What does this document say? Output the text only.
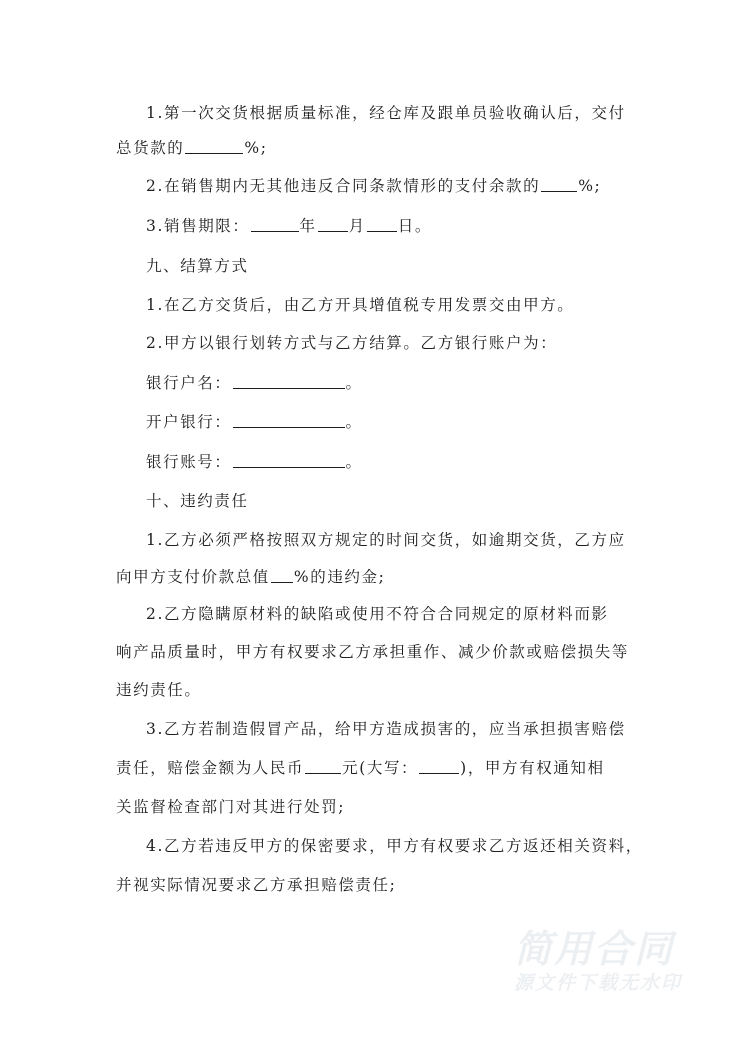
1.第一次交货根据质量标准，经仓库及跟单员验收确认后，交付
总货款的	%;
2.在销售期内无其他违反合同条款情形的支付余款的 %;
3.销售期限：	年 月 日。
九、结算方式
1.在乙方交货后，由乙方开具增值税专用发票交由甲方。
2.甲方以银行划转方式与乙方结算。乙方银行账户为：
银行户名：	。
开户银行：	。
银行账号：	。
十、违约责任
1.乙方必须严格按照双方规定的时间交货，如逾期交货，乙方应
向甲方支付价款总值 %的违约金;
2.乙方隐瞒原材料的缺陷或使用不符合合同规定的原材料而影
响产品质量时，甲方有权要求乙方承担重作、减少价款或赔偿损失等
违约责任。
3.乙方若制造假冒产品，给甲方造成损害的，应当承担损害赔偿
责任，赔偿金额为人民币 元(大写：	)，甲方有权通知相
关监督检查部门对其进行处罚;
4.乙方若违反甲方的保密要求，甲方有权要求乙方返还相关资料，
并视实际情况要求乙方承担赔偿责任;
简用合同
源文件下载无水印
